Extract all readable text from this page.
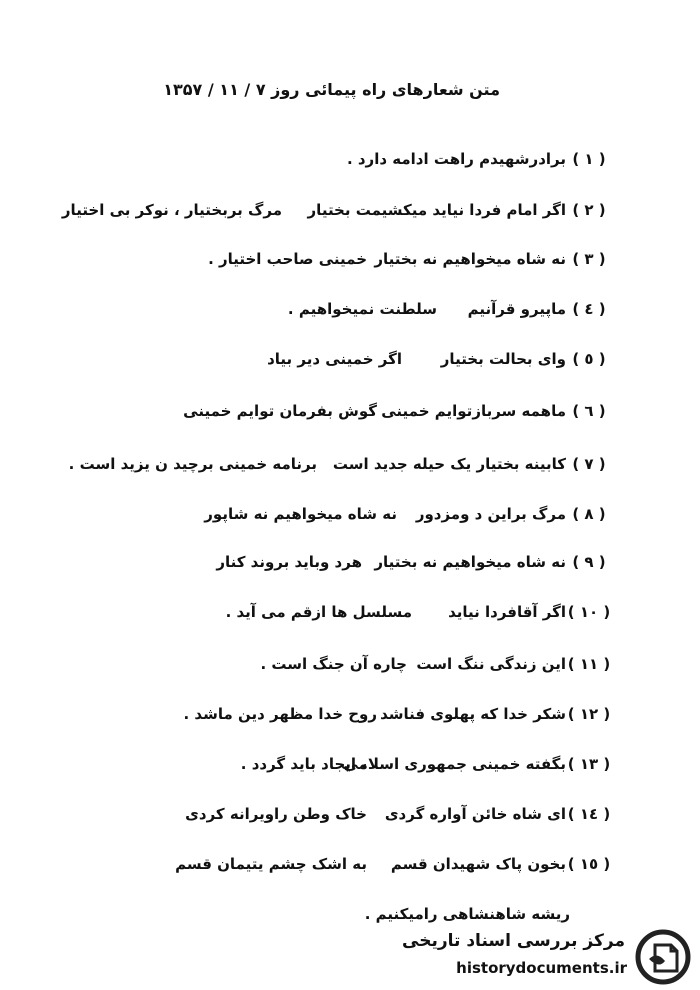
متن شعارهای راه پیمائی روز ۷ / ۱۱ / ۱۳۵۷
( ۱ )برادرشهیدم راهت ادامه دارد .
( ۲ )اگر امام فردا نیاید میکشیمت بختیار
مرگ بربختیار ، نوکر بی اختیار
( ۳ )نه شاه میخواهیم نه بختیار
خمینی صاحب اختیار .
( ٤ )ماپیرو قرآنیم
سلطنت نمیخواهیم .
( ٥ )وای بحالت بختیار
اگر خمینی دیر بیاد
( ٦ )ماهمه سربازتوایم خمینی
گوش بفرمان توایم خمینی
( ۷ )کابینه بختیار یک حیله جدید است
برنامه خمینی برچید ن یزید است .
( ۸ )مرگ براین د ومزدور
نه شاه میخواهیم نه شاپور
( ۹ )نه شاه میخواهیم نه بختیار
هرد وباید بروند کنار
( ۱۰ )اگر آقافردا نیاید
مسلسل ها ازقم می آید .
( ۱۱ )این زندگی ننگ است
چاره آن جنگ است .
( ۱۲ )شکر خدا که پهلوی فناشد
روح خدا مظهر دین ماشد .
( ۱۳ )بگفته خمینی جمهوری اسلامی
، ایجاد باید گردد .
( ١٤ )ای شاه خائن آواره گردی
خاک وطن راویرانه کردی
( ١٥ )بخون پاک شهیدان قسم
به اشک چشم یتیمان قسم
ریشه شاهنشاهی رامیکنیم .
مرکز بررسی اسناد تاریخی
historydocuments.ir
